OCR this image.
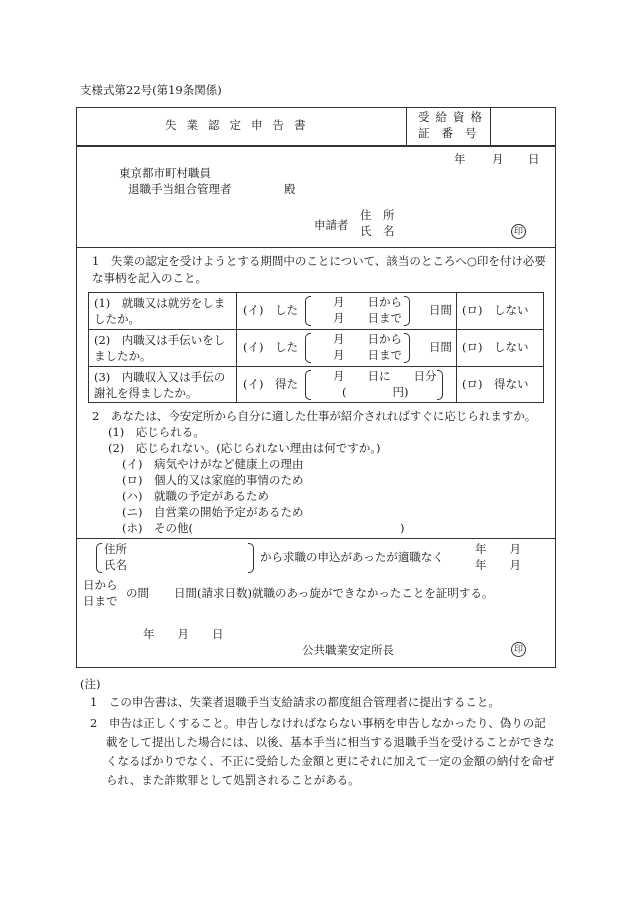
支様式第22号(第19条関係)
失業認定申告書
受給資格
証番号
年 月 日
東京都市町村職員
退職手当組合管理者	殿
申請者
住　所
氏　名	印
1　失業の認定を受けようとする期間中のことについて、該当のところへ○印を付け必要な事柄を記入のこと。
(1)　就職又は就労をしましたか。
(イ)　した
月　　日から
月　　日まで
日間 (ロ)　しない
(2)　内職又は手伝いをしましたか。
(イ)　した
月　　日から
月　　日まで
日間 (ロ)　しない
(3)　内職収入又は手伝の謝礼を得ましたか。
(イ)　得た
月　　日に　　日分
(　　　　円)
(ロ)　得ない
2　あなたは、今安定所から自分に適した仕事が紹介されればすぐに応じられますか。
(1)　応じられる。
(2)　応じられない。(応じられない理由は何ですか。)
(イ)　病気やけがなど健康上の理由
(ロ)　個人的又は家庭的事情のため
(ハ)　就職の予定があるため
(ニ)　自営業の開始予定があるため
(ホ)　その他(　　　　　　　　　　　　　　　　　　)
住所
氏名
から求職の申込があったが適職なく
年　　月
年　　月
日から
日まで
の間 日間(請求日数)就職のあっ旋ができなかったことを証明する。
年　　月　　日
公共職業安定所長	印
(注)
1　この申告書は、失業者退職手当支給請求の都度組合管理者に提出すること。
2　申告は正しくすること。申告しなければならない事柄を申告しなかったり、偽りの記載をして提出した場合には、以後、基本手当に相当する退職手当を受けることができなくなるばかりでなく、不正に受給した金額と更にそれに加えて一定の金額の納付を命ぜられ、また詐欺罪として処罰されることがある。
